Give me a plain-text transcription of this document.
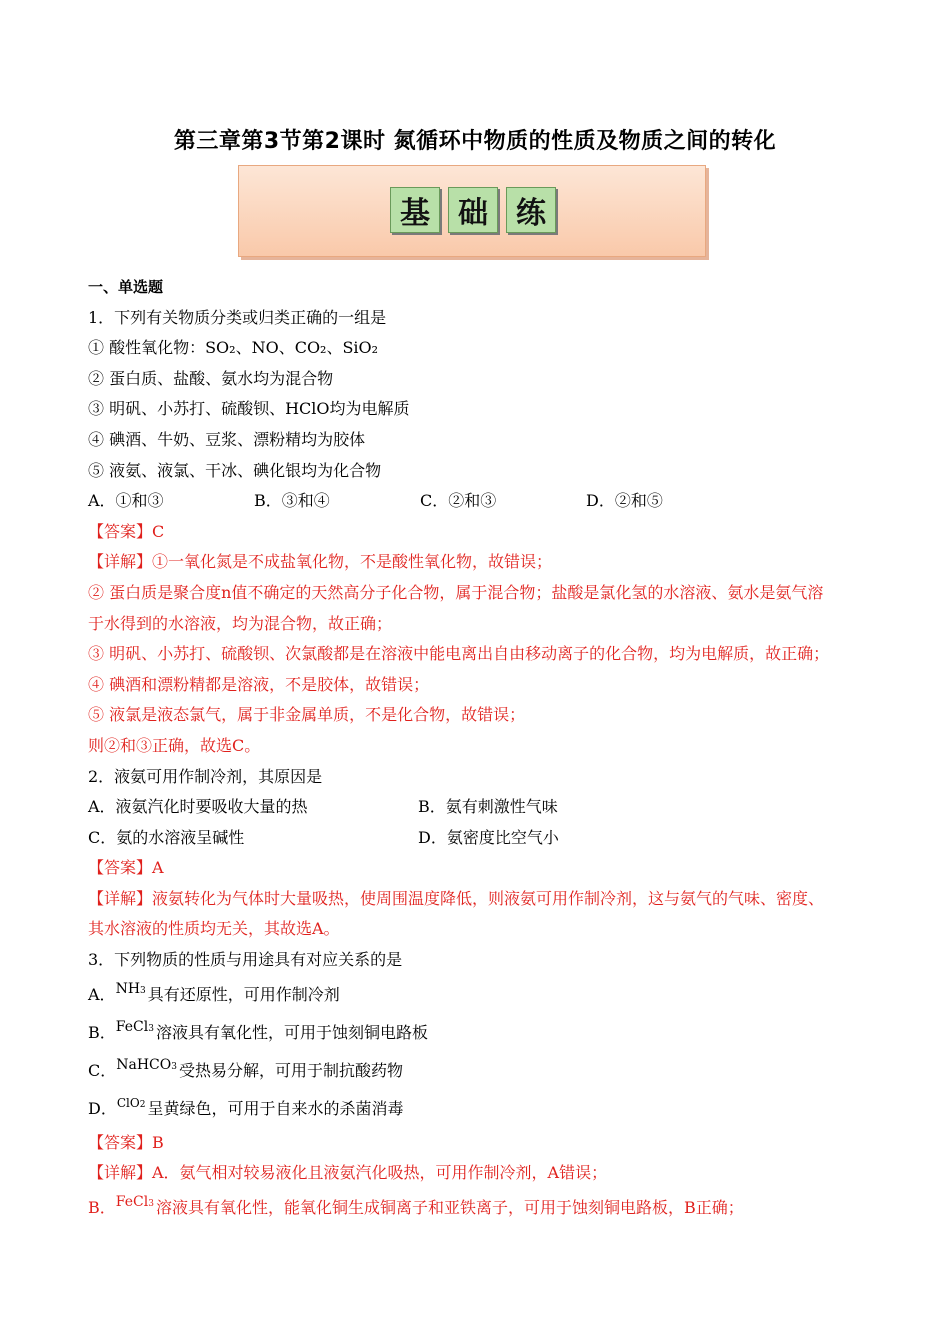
第三章第3节第2课时 氮循环中物质的性质及物质之间的转化
基 础 练
一、单选题
1．下列有关物质分类或归类正确的一组是
① 酸性氧化物：SO₂、NO、CO₂、SiO₂
② 蛋白质、盐酸、氨水均为混合物
③ 明矾、小苏打、硫酸钡、HClO均为电解质
④ 碘酒、牛奶、豆浆、漂粉精均为胶体
⑤ 液氨、液氯、干冰、碘化银均为化合物
A．①和③	B．③和④	C．②和③	D．②和⑤
【答案】C
【详解】①一氧化氮是不成盐氧化物，不是酸性氧化物，故错误；
② 蛋白质是聚合度n值不确定的天然高分子化合物，属于混合物；盐酸是氯化氢的水溶液、氨水是氨气溶
于水得到的水溶液，均为混合物，故正确；
③ 明矾、小苏打、硫酸钡、次氯酸都是在溶液中能电离出自由移动离子的化合物，均为电解质，故正确；
④ 碘酒和漂粉精都是溶液，不是胶体，故错误；
⑤ 液氯是液态氯气，属于非金属单质，不是化合物，故错误；
则②和③正确，故选C。
2．液氨可用作制冷剂，其原因是
A．液氨汽化时要吸收大量的热	B．氨有刺激性气味
C．氨的水溶液呈碱性	D．氨密度比空气小
【答案】A
【详解】液氨转化为气体时大量吸热，使周围温度降低，则液氨可用作制冷剂，这与氨气的气味、密度、
其水溶液的性质均无关，其故选A。
3．下列物质的性质与用途具有对应关系的是
A．NH3 具有还原性，可用作制冷剂
B．FeCl3 溶液具有氧化性，可用于蚀刻铜电路板
C．NaHCO3 受热易分解，可用于制抗酸药物
D．$^{ClO2}$ 呈黄绿色，可用于自来水的杀菌消毒
【答案】B
【详解】A．氨气相对较易液化且液氨汽化吸热，可用作制冷剂，A错误；
B．FeCl3 溶液具有氧化性，能氧化铜生成铜离子和亚铁离子，可用于蚀刻铜电路板，B正确；
